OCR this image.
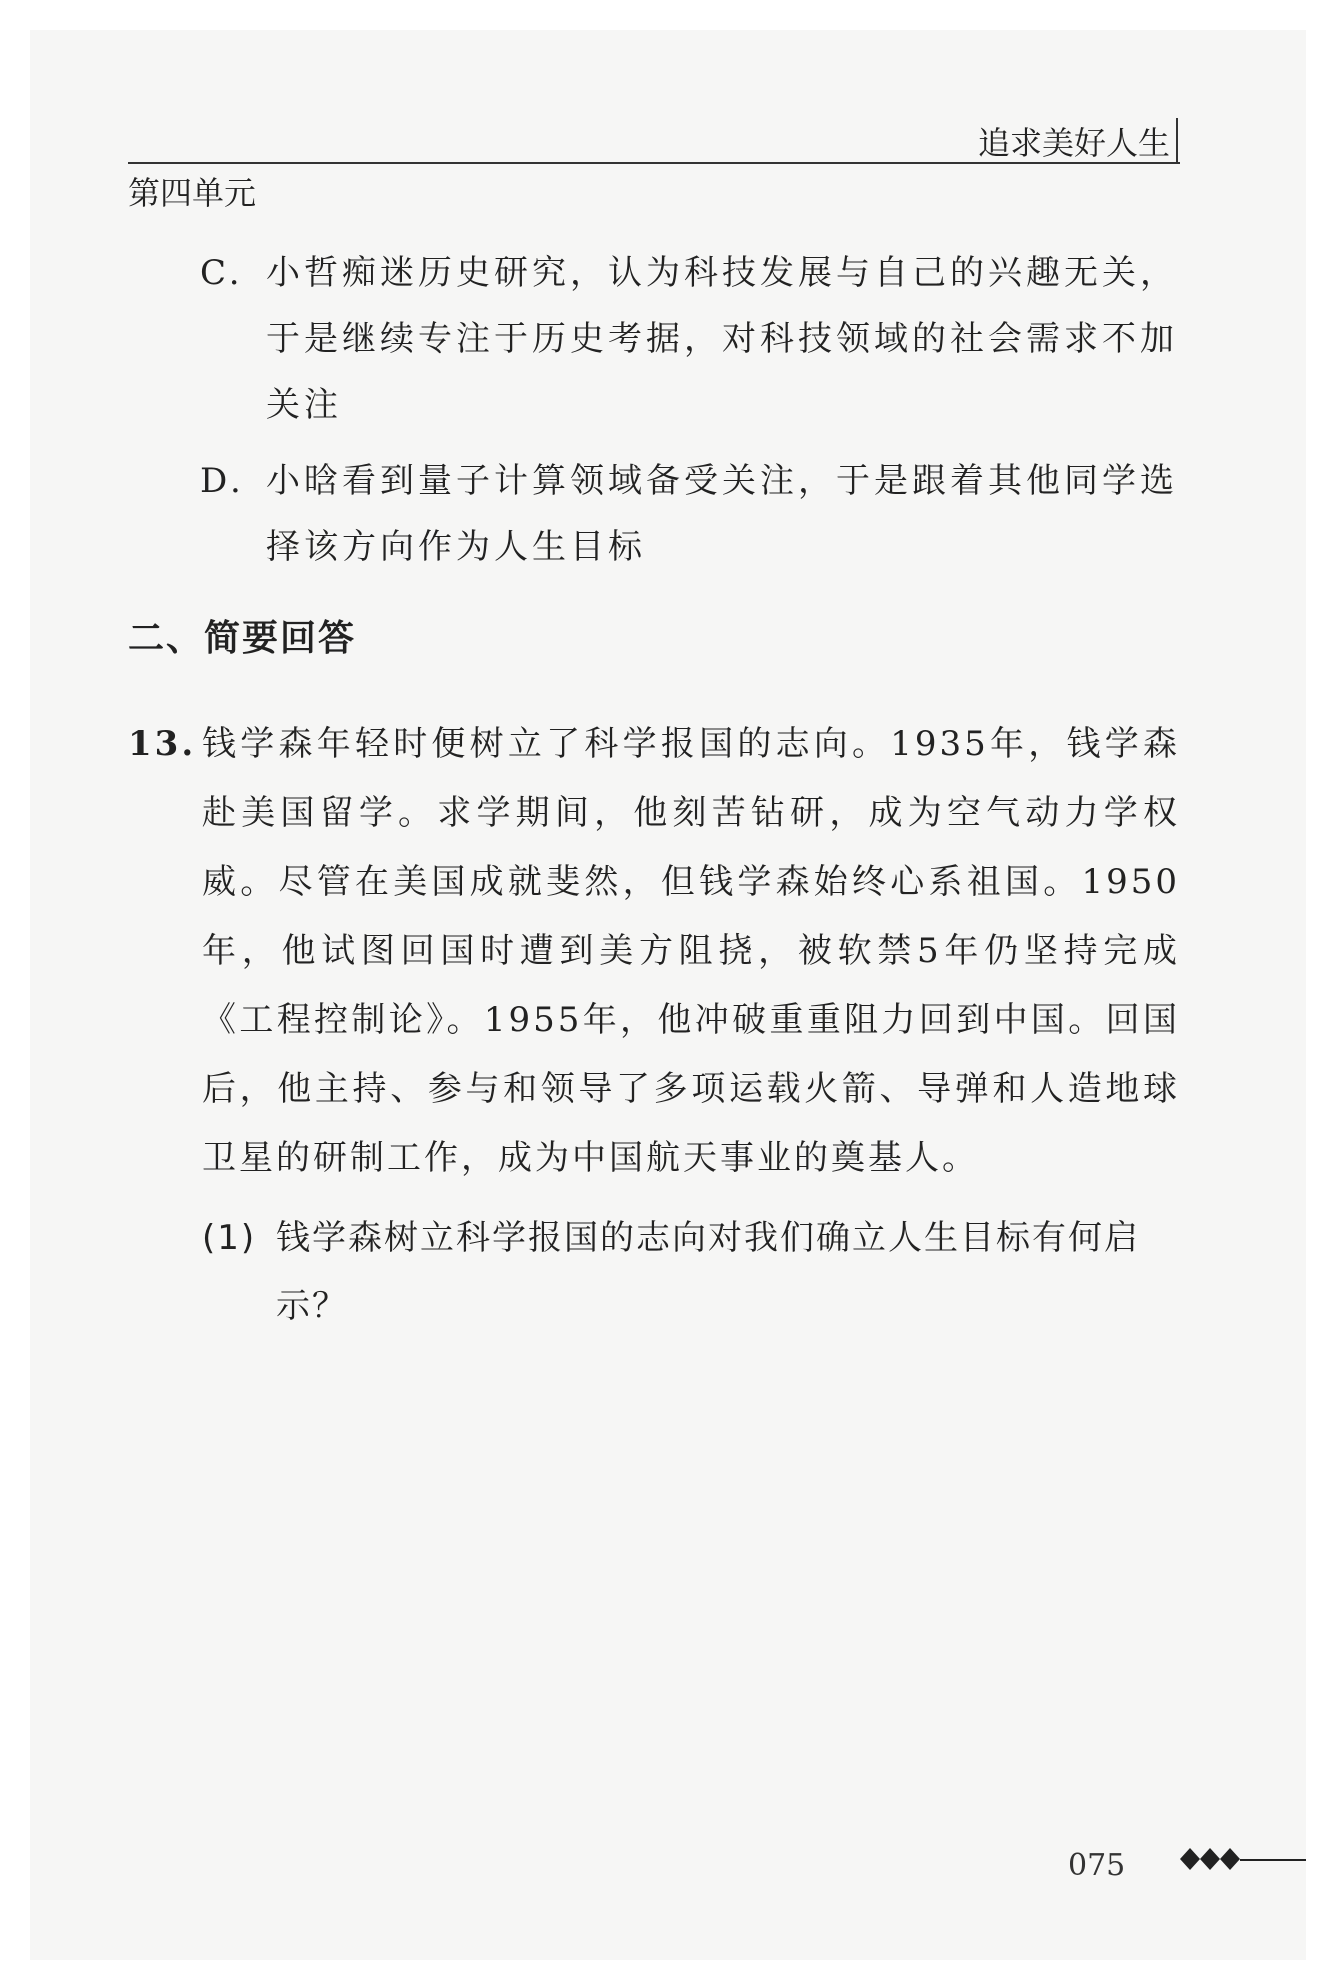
追求美好人生
第四单元
C. 小哲痴迷历史研究，认为科技发展与自己的兴趣无关，于是继续专注于历史考据，对科技领域的社会需求不加关注
D. 小晗看到量子计算领域备受关注，于是跟着其他同学选择该方向作为人生目标
二、简要回答
13. 钱学森年轻时便树立了科学报国的志向。1935年，钱学森赴美国留学。求学期间，他刻苦钻研，成为空气动力学权威。尽管在美国成就斐然，但钱学森始终心系祖国。1950年，他试图回国时遭到美方阻挠，被软禁5年仍坚持完成《工程控制论》。1955年，他冲破重重阻力回到中国。回国后，他主持、参与和领导了多项运载火箭、导弹和人造地球卫星的研制工作，成为中国航天事业的奠基人。
(1) 钱学森树立科学报国的志向对我们确立人生目标有何启示？
075
